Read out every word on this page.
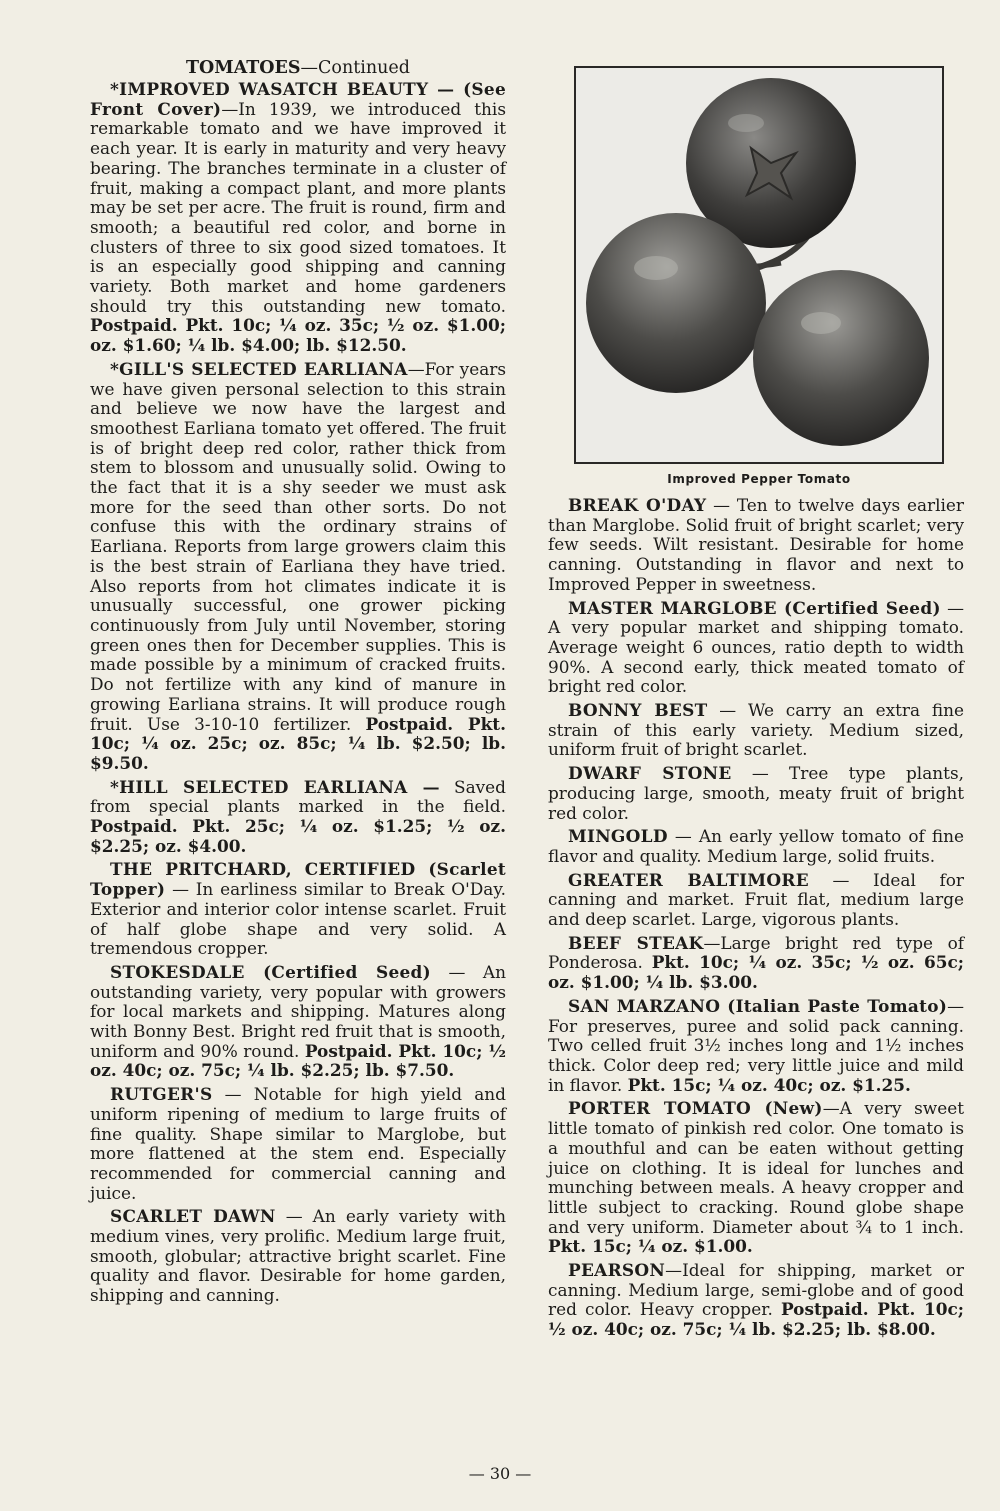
TOMATOES—Continued

*IMPROVED WASATCH BEAUTY — (See Front Cover)—In 1939, we introduced this remarkable tomato and we have improved it each year. It is early in maturity and very heavy bearing. The branches terminate in a cluster of fruit, making a compact plant, and more plants may be set per acre. The fruit is round, firm and smooth; a beautiful red color, and borne in clusters of three to six good sized tomatoes. It is an especially good shipping and canning variety. Both market and home gardeners should try this outstanding new tomato. Postpaid. Pkt. 10c; ¼ oz. 35c; ½ oz. $1.00; oz. $1.60; ¼ lb. $4.00; lb. $12.50.

*GILL'S SELECTED EARLIANA—For years we have given personal selection to this strain and believe we now have the largest and smoothest Earliana tomato yet offered. The fruit is of bright deep red color, rather thick from stem to blossom and unusually solid. Owing to the fact that it is a shy seeder we must ask more for the seed than other sorts. Do not confuse this with the ordinary strains of Earliana. Reports from large growers claim this is the best strain of Earliana they have tried. Also reports from hot climates indicate it is unusually successful, one grower picking continuously from July until November, storing green ones then for December supplies. This is made possible by a minimum of cracked fruits. Do not fertilize with any kind of manure in growing Earliana strains. It will produce rough fruit. Use 3-10-10 fertilizer. Postpaid. Pkt. 10c; ¼ oz. 25c; oz. 85c; ¼ lb. $2.50; lb. $9.50.

*HILL SELECTED EARLIANA — Saved from special plants marked in the field. Postpaid. Pkt. 25c; ¼ oz. $1.25; ½ oz. $2.25; oz. $4.00.

THE PRITCHARD, CERTIFIED (Scarlet Topper) — In earliness similar to Break O'Day. Exterior and interior color intense scarlet. Fruit of half globe shape and very solid. A tremendous cropper.

STOKESDALE (Certified Seed) — An outstanding variety, very popular with growers for local markets and shipping. Matures along with Bonny Best. Bright red fruit that is smooth, uniform and 90% round. Postpaid. Pkt. 10c; ½ oz. 40c; oz. 75c; ¼ lb. $2.25; lb. $7.50.

RUTGER'S — Notable for high yield and uniform ripening of medium to large fruits of fine quality. Shape similar to Marglobe, but more flattened at the stem end. Especially recommended for commercial canning and juice.

SCARLET DAWN — An early variety with medium vines, very prolific. Medium large fruit, smooth, globular; attractive bright scarlet. Fine quality and flavor. Desirable for home garden, shipping and canning.

Improved Pepper Tomato

BREAK O'DAY — Ten to twelve days earlier than Marglobe. Solid fruit of bright scarlet; very few seeds. Wilt resistant. Desirable for home canning. Outstanding in flavor and next to Improved Pepper in sweetness.

MASTER MARGLOBE (Certified Seed) —A very popular market and shipping tomato. Average weight 6 ounces, ratio depth to width 90%. A second early, thick meated tomato of bright red color.

BONNY BEST — We carry an extra fine strain of this early variety. Medium sized, uniform fruit of bright scarlet.

DWARF STONE — Tree type plants, producing large, smooth, meaty fruit of bright red color.

MINGOLD — An early yellow tomato of fine flavor and quality. Medium large, solid fruits.

GREATER BALTIMORE — Ideal for canning and market. Fruit flat, medium large and deep scarlet. Large, vigorous plants.

BEEF STEAK—Large bright red type of Ponderosa. Pkt. 10c; ¼ oz. 35c; ½ oz. 65c; oz. $1.00; ¼ lb. $3.00.

SAN MARZANO (Italian Paste Tomato)—For preserves, puree and solid pack canning. Two celled fruit 3½ inches long and 1½ inches thick. Color deep red; very little juice and mild in flavor. Pkt. 15c; ¼ oz. 40c; oz. $1.25.

PORTER TOMATO (New)—A very sweet little tomato of pinkish red color. One tomato is a mouthful and can be eaten without getting juice on clothing. It is ideal for lunches and munching between meals. A heavy cropper and little subject to cracking. Round globe shape and very uniform. Diameter about ¾ to 1 inch. Pkt. 15c; ¼ oz. $1.00.

PEARSON—Ideal for shipping, market or canning. Medium large, semi-globe and of good red color. Heavy cropper. Postpaid. Pkt. 10c; ½ oz. 40c; oz. 75c; ¼ lb. $2.25; lb. $8.00.

— 30 —
